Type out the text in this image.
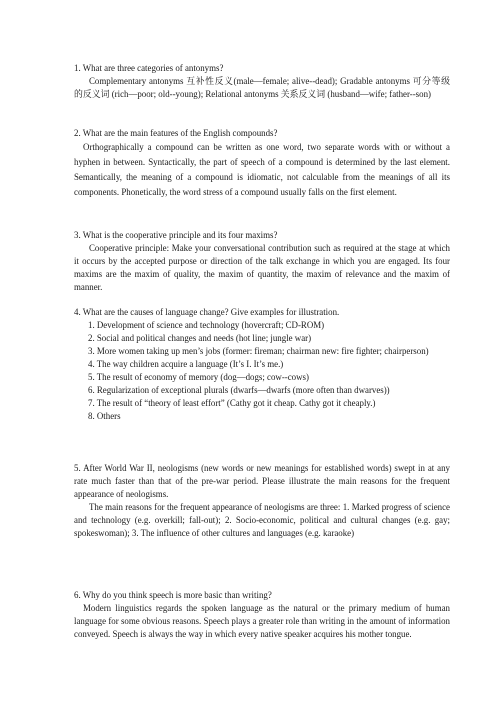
1. What are three categories of antonyms?

Complementary antonyms 互补性反义(male—female; alive--dead); Gradable antonyms 可分等级的反义词 (rich—poor; old--young); Relational antonyms 关系反义词 (husband—wife; father--son)

2. What are the main features of the English compounds?

Orthographically a compound can be written as one word, two separate words with or without a hyphen in between. Syntactically, the part of speech of a compound is determined by the last element. Semantically, the meaning of a compound is idiomatic, not calculable from the meanings of all its components. Phonetically, the word stress of a compound usually falls on the first element.

3. What is the cooperative principle and its four maxims?

Cooperative principle: Make your conversational contribution such as required at the stage at which it occurs by the accepted purpose or direction of the talk exchange in which you are engaged. Its four maxims are the maxim of quality, the maxim of quantity, the maxim of relevance and the maxim of manner.

4. What are the causes of language change? Give examples for illustration.

1. Development of science and technology (hovercraft; CD-ROM)

2. Social and political changes and needs (hot line; jungle war)

3. More women taking up men’s jobs (former: fireman; chairman new: fire fighter; chairperson)

4. The way children acquire a language (It’s I. It’s me.)

5. The result of economy of memory (dog—dogs; cow--cows)

6. Regularization of exceptional plurals (dwarfs—dwarfs (more often than dwarves))

7. The result of “theory of least effort” (Cathy got it cheap. Cathy got it cheaply.)

8. Others

5. After World War II, neologisms (new words or new meanings for established words) swept in at any rate much faster than that of the pre-war period. Please illustrate the main reasons for the frequent appearance of neologisms.

The main reasons for the frequent appearance of neologisms are three: 1. Marked progress of science and technology (e.g. overkill; fall-out); 2. Socio-economic, political and cultural changes (e.g. gay; spokeswoman); 3. The influence of other cultures and languages (e.g. karaoke)

6. Why do you think speech is more basic than writing?

Modern linguistics regards the spoken language as the natural or the primary medium of human language for some obvious reasons. Speech plays a greater role than writing in the amount of information conveyed. Speech is always the way in which every native speaker acquires his mother tongue.
